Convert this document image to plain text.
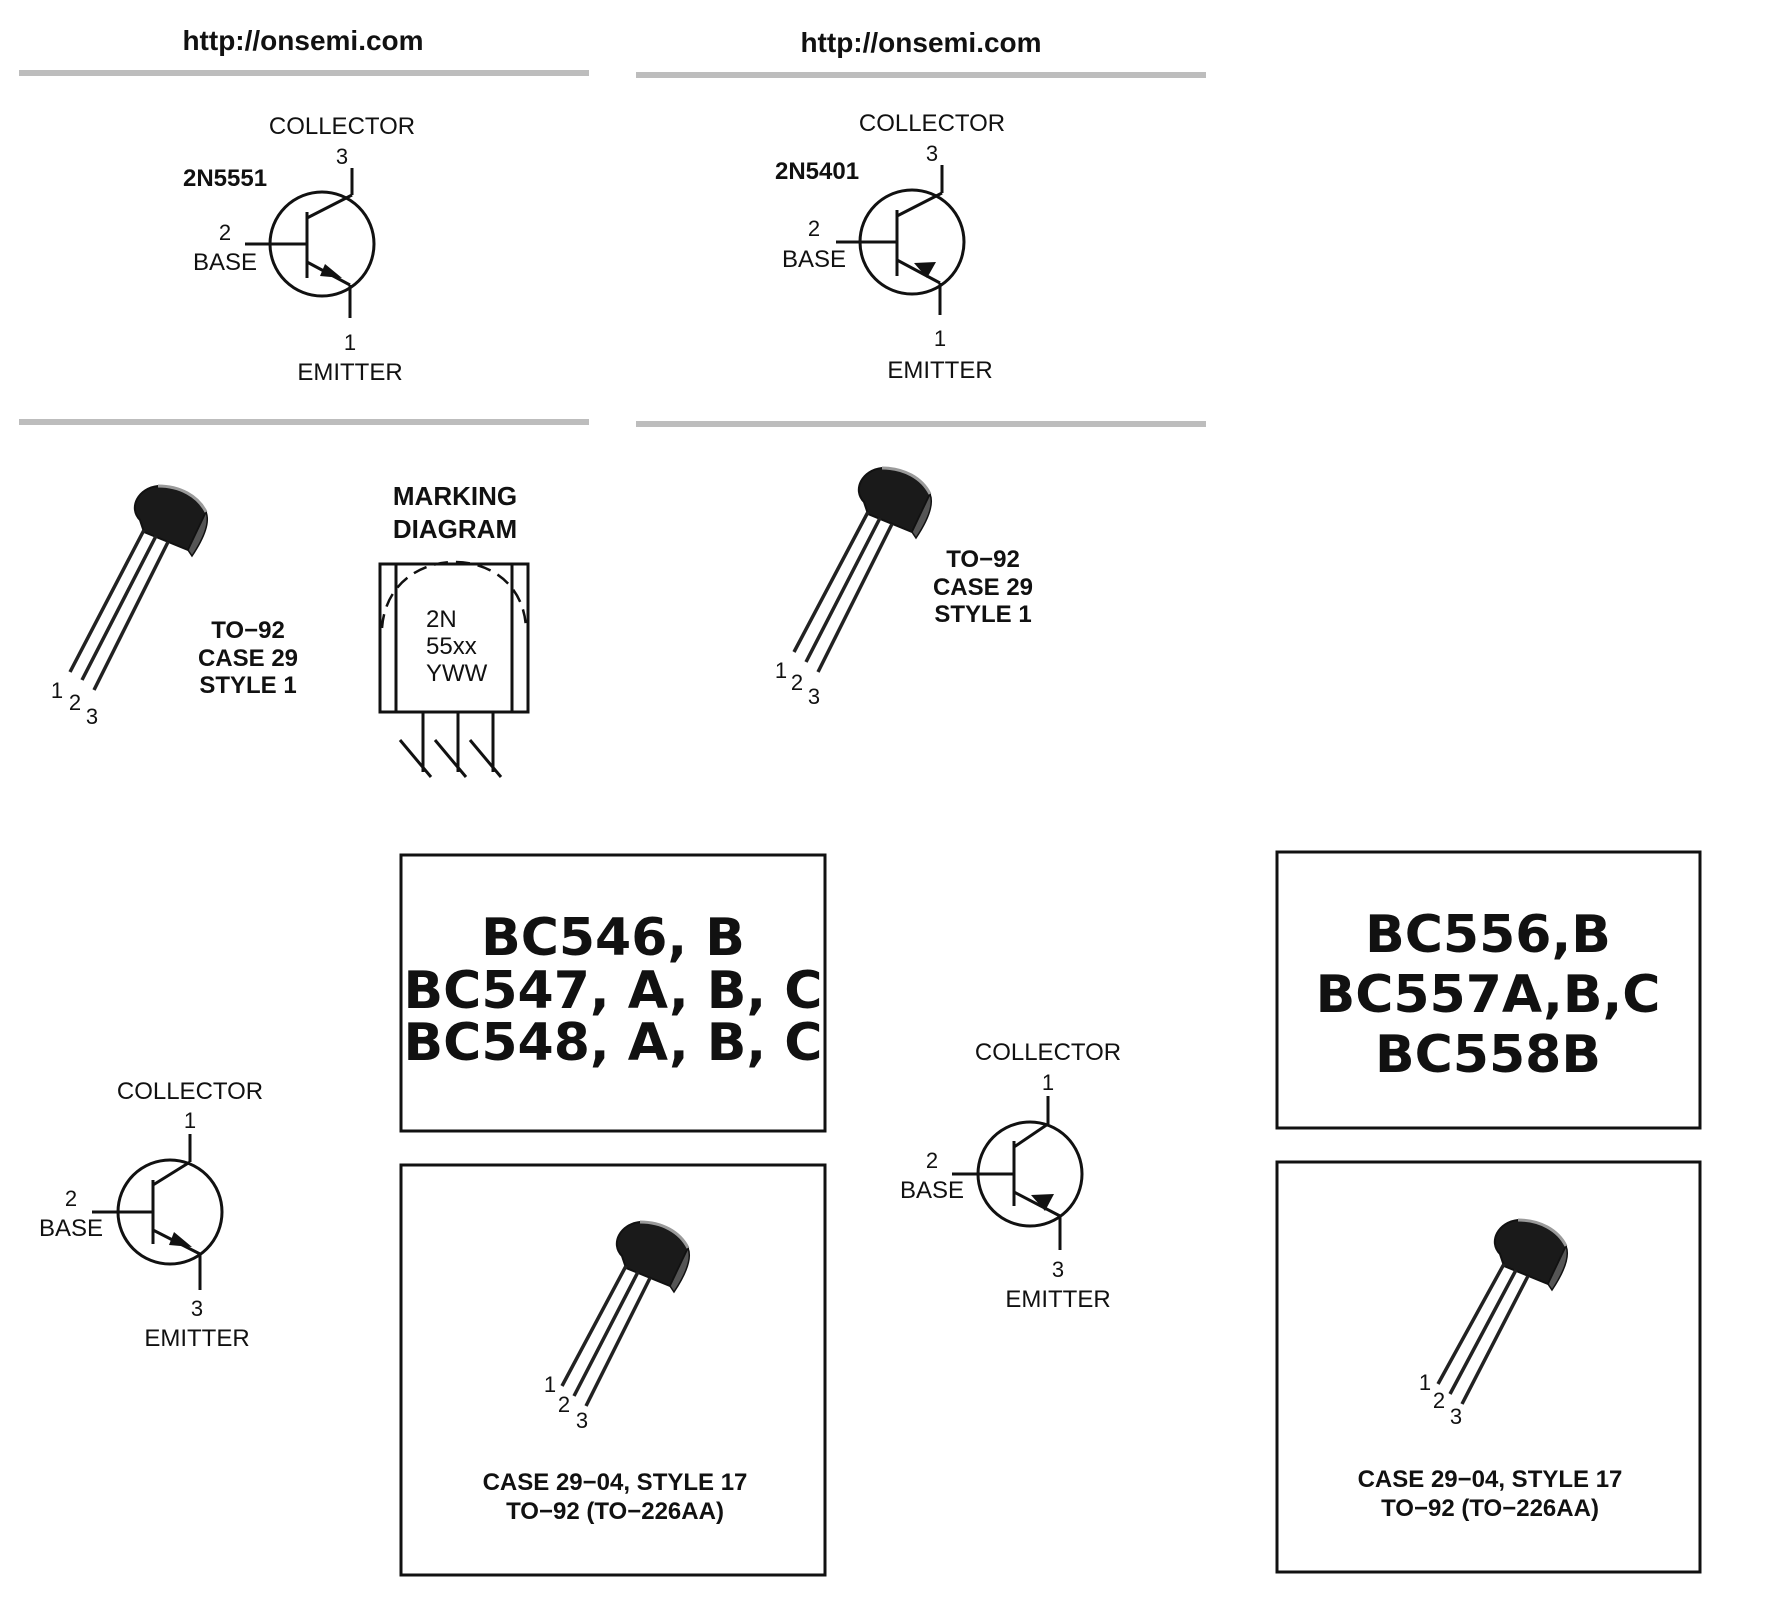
http://onsemi.com	http://onsemi.com
2N5551
COLLECTOR
3
2
BASE
1
EMITTER
2N5401
COLLECTOR
3
2
BASE
1
EMITTER
1 2
3
TO−92
CASE 29
STYLE 1
MARKING
DIAGRAM
2N
55xx
YWW	1 2
3
TO−92
CASE 29
STYLE 1
BC546, B
BC547, A, B, C
BC548, A, B, C
BC556,B
BC557A,B,C
BC558B
COLLECTOR
1
2
BASE
3
EMITTER
COLLECTOR
1
2
BASE
3
EMITTER
1
2
3
CASE 29−04, STYLE 17
TO−92 (TO−226AA)
1
2
3
CASE 29−04, STYLE 17
TO−92 (TO−226AA)
